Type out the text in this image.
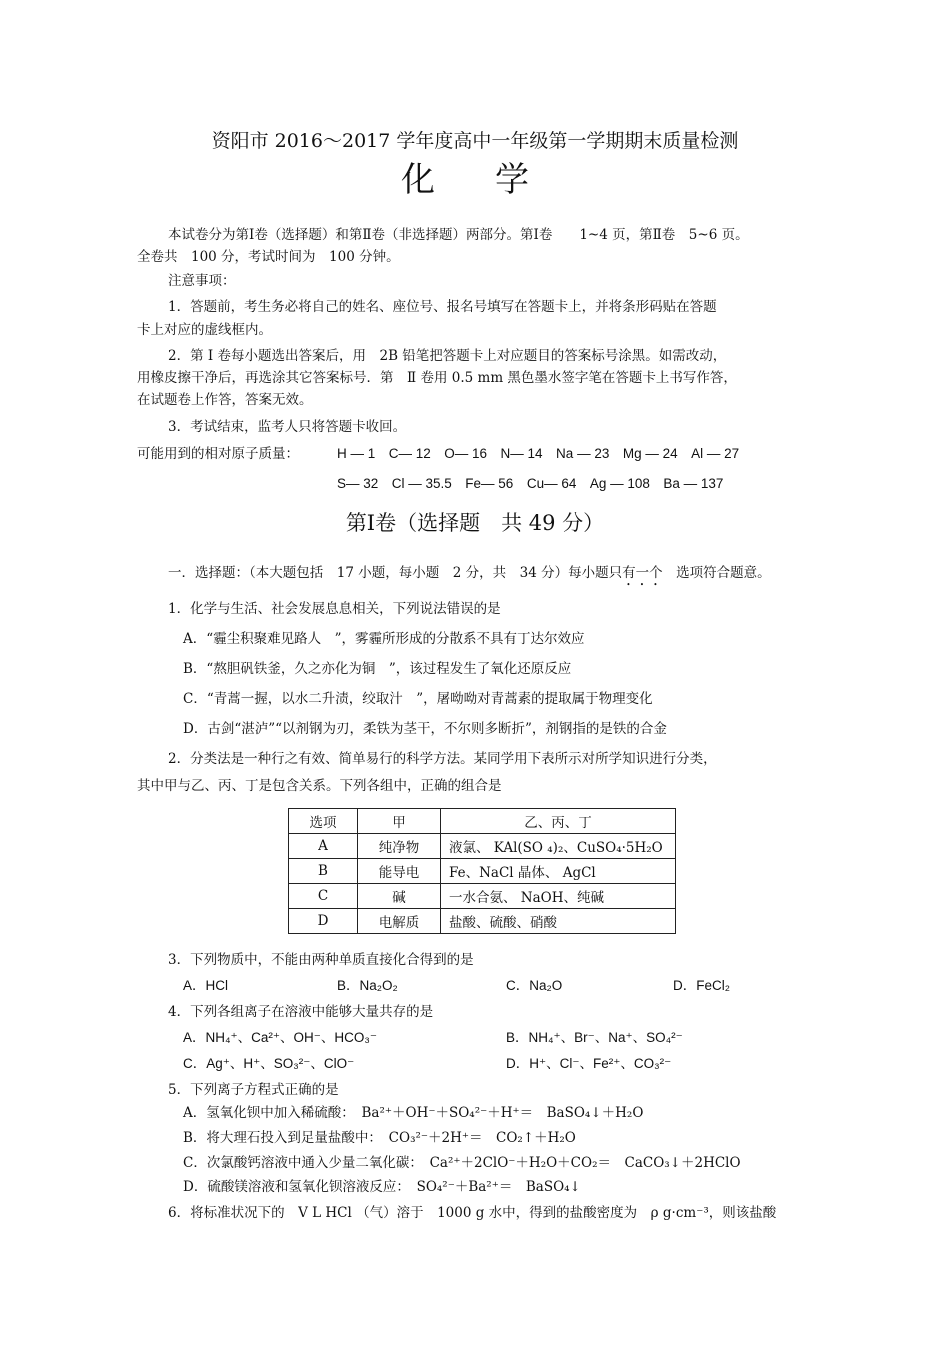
资阳市 2016～2017 学年度高中一年级第一学期期末质量检测
化学
本试卷分为第Ⅰ卷（选择题）和第Ⅱ卷（非选择题）两部分。第Ⅰ卷　　1~4 页，第Ⅱ卷　5~6 页。
全卷共　100 分，考试时间为　100 分钟。
注意事项：
1．答题前，考生务必将自己的姓名、座位号、报名号填写在答题卡上，并将条形码贴在答题
卡上对应的虚线框内。
2．第 Ⅰ 卷每小题选出答案后，用　2B 铅笔把答题卡上对应题目的答案标号涂黑。如需改动，
用橡皮擦干净后，再选涂其它答案标号．第　Ⅱ 卷用 0.5 mm 黑色墨水签字笔在答题卡上书写作答，
在试题卷上作答，答案无效。
3．考试结束，监考人只将答题卡收回。
可能用到的相对原子质量：	H — 1　C— 12　O— 16　N— 14　Na — 23　Mg — 24　Al — 27
S— 32　Cl — 35.5　Fe— 56　Cu— 64　Ag — 108　Ba — 137
第Ⅰ卷（选择题　共 49 分）
一．选择题：（本大题包括　17 小题，每小题　2 分，共　34 分）每小题只有一个　选项符合题意。
1．化学与生活、社会发展息息相关，下列说法错误的是
A．“霾尘积聚难见路人　”，雾霾所形成的分散系不具有丁达尔效应
B．“熬胆矾铁釜，久之亦化为铜　”，该过程发生了氧化还原反应
C．“青蒿一握，以水二升渍，绞取汁　”，屠呦呦对青蒿素的提取属于物理变化
D．古剑“湛泸”“以剂钢为刃，柔铁为茎干，不尔则多断折”，剂钢指的是铁的合金
2．分类法是一种行之有效、简单易行的科学方法。某同学用下表所示对所学知识进行分类，
其中甲与乙、丙、丁是包含关系。下列各组中，正确的组合是
选项	甲	乙、丙、丁
A	纯净物	液氯、 KAl(SO ₄)₂、CuSO₄·5H₂O
B	能导电	Fe、NaCl 晶体、 AgCl
C	碱	一水合氨、 NaOH、纯碱
D	电解质	盐酸、硫酸、硝酸
3．下列物质中，不能由两种单质直接化合得到的是
A．HCl	B．Na₂O₂	C．Na₂O	D．FeCl₂
4．下列各组离子在溶液中能够大量共存的是
A．NH₄⁺、Ca²⁺、OH⁻、HCO₃⁻	B．NH₄⁺、Br⁻、Na⁺、SO₄²⁻
C．Ag⁺、H⁺、SO₃²⁻、ClO⁻	D．H⁺、Cl⁻、Fe²⁺、CO₃²⁻
5．下列离子方程式正确的是
A．氢氧化钡中加入稀硫酸：　Ba²⁺＋OH⁻＋SO₄²⁻＋H⁺＝　BaSO₄↓＋H₂O
B．将大理石投入到足量盐酸中：　CO₃²⁻＋2H⁺＝　CO₂↑＋H₂O
C．次氯酸钙溶液中通入少量二氧化碳：　Ca²⁺＋2ClO⁻＋H₂O＋CO₂＝　CaCO₃↓＋2HClO
D．硫酸镁溶液和氢氧化钡溶液反应：　SO₄²⁻＋Ba²⁺＝　BaSO₄↓
6．将标准状况下的　V L HCl （气）溶于　1000 g 水中，得到的盐酸密度为　ρ g·cm⁻³，则该盐酸
